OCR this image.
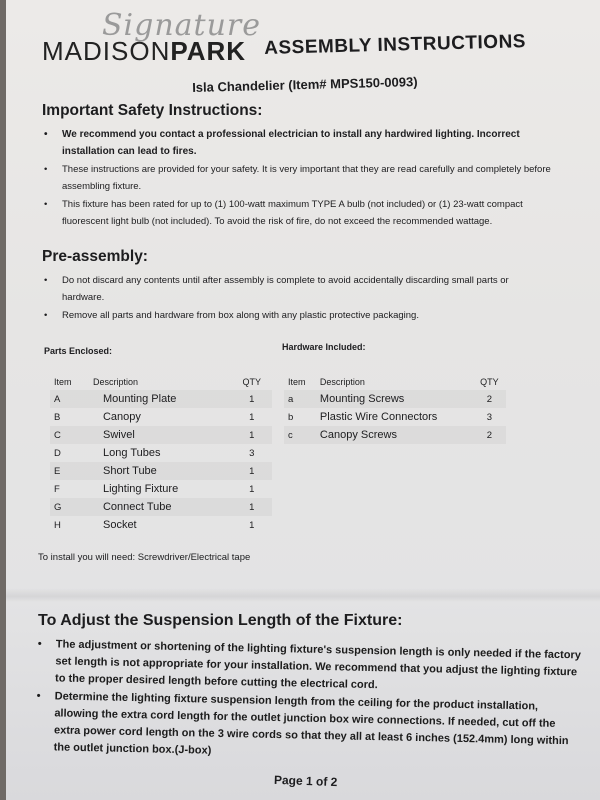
Signature
MADISONPARK ASSEMBLY INSTRUCTIONS
Isla Chandelier (Item# MPS150-0093)
Important Safety Instructions:
• We recommend you contact a professional electrician to install any hardwired lighting. Incorrect installation can lead to fires.
• These instructions are provided for your safety. It is very important that they are read carefully and completely before assembling fixture.
• This fixture has been rated for up to (1) 100-watt maximum TYPE A bulb (not included) or (1) 23-watt compact fluorescent light bulb (not included). To avoid the risk of fire, do not exceed the recommended wattage.
Pre-assembly:
• Do not discard any contents until after assembly is complete to avoid accidentally discarding small parts or hardware.
• Remove all parts and hardware from box along with any plastic protective packaging.
Parts Enclosed:	Hardware Included:
Item	Description	QTY
A	Mounting Plate	1
B	Canopy	1
C	Swivel	1
D	Long Tubes	3
E	Short Tube	1
F	Lighting Fixture	1
G	Connect Tube	1
H	Socket	1
Item	Description	QTY
a	Mounting Screws	2
b	Plastic Wire Connectors	3
c	Canopy Screws	2
To install you will need: Screwdriver/Electrical tape
To Adjust the Suspension Length of the Fixture:
• The adjustment or shortening of the lighting fixture's suspension length is only needed if the factory set length is not appropriate for your installation. We recommend that you adjust the lighting fixture to the proper desired length before cutting the electrical cord.
• Determine the lighting fixture suspension length from the ceiling for the product installation, allowing the extra cord length for the outlet junction box wire connections. If needed, cut off the extra power cord length on the 3 wire cords so that they all at least 6 inches (152.4mm) long within the outlet junction box.(J-box)
Page 1 of 2
